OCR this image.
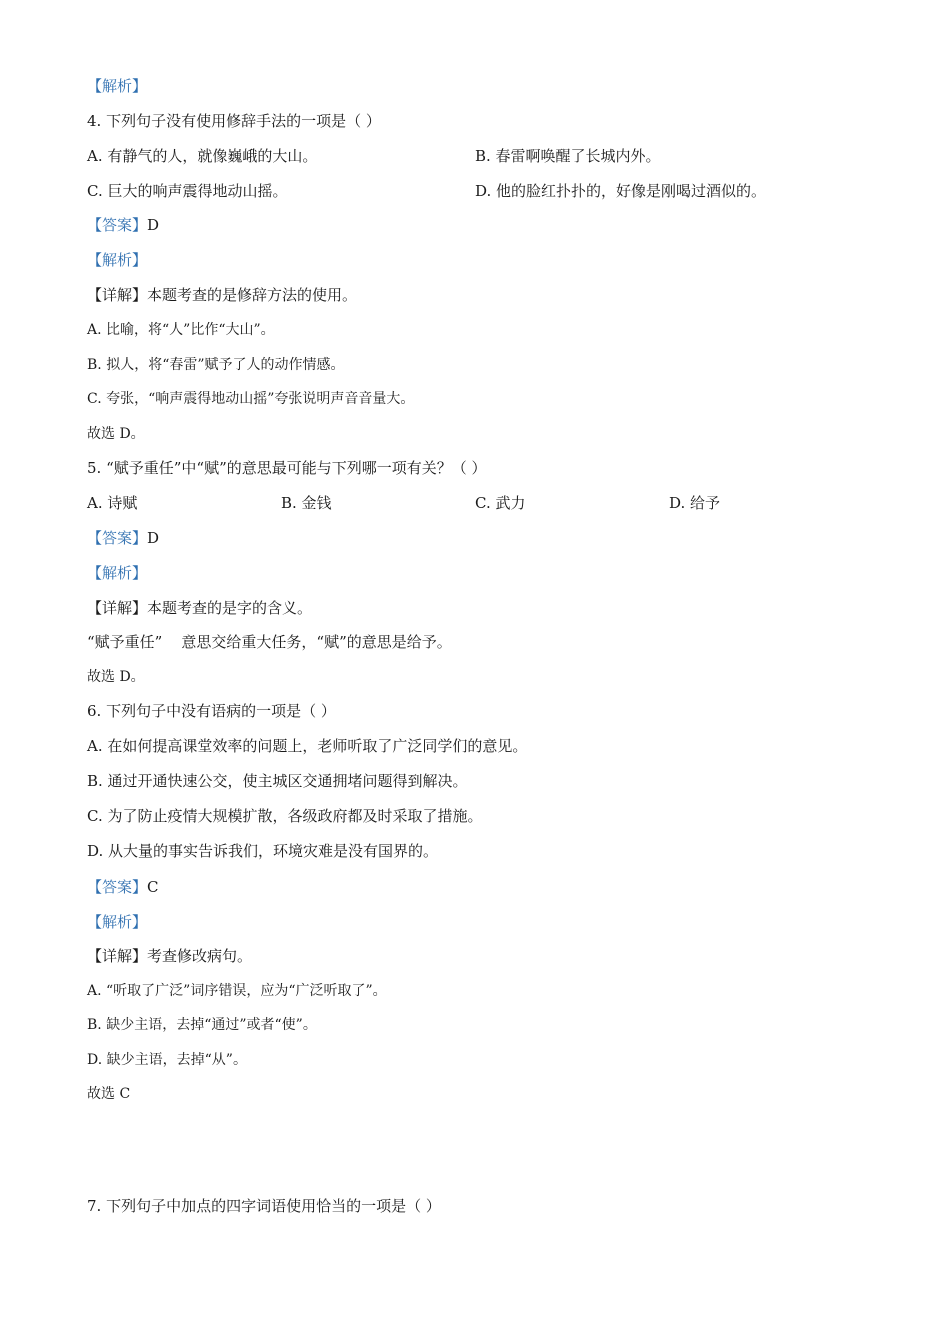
【解析】
4. 下列句子没有使用修辞手法的一项是（ ）
A. 有静气的人，就像巍峨的大山。	B. 春雷啊唤醒了长城内外。
C. 巨大的响声震得地动山摇。	D. 他的脸红扑扑的，好像是刚喝过酒似的。
【答案】D
【解析】
【详解】本题考查的是修辞方法的使用。
A. 比喻，将“人”比作“大山”。
B. 拟人，将“春雷”赋予了人的动作情感。
C. 夸张，“响声震得地动山摇”夸张说明声音音量大。
故选 D。
5. “赋予重任”中“赋”的意思最可能与下列哪一项有关？（ ）
A. 诗赋	B. 金钱	C. 武力	D. 给予
【答案】D
【解析】
【详解】本题考查的是字的含义。
“赋予重任”    意思交给重大任务，“赋”的意思是给予。
故选 D。
6. 下列句子中没有语病的一项是（ ）
A. 在如何提高课堂效率的问题上，老师听取了广泛同学们的意见。
B. 通过开通快速公交，使主城区交通拥堵问题得到解决。
C. 为了防止疫情大规模扩散，各级政府都及时采取了措施。
D. 从大量的事实告诉我们，环境灾难是没有国界的。
【答案】C
【解析】
【详解】考查修改病句。
A. “听取了广泛”词序错误，应为“广泛听取了”。
B. 缺少主语，去掉“通过”或者“使”。
D. 缺少主语，去掉“从”。
故选 C
7. 下列句子中加点的四字词语使用恰当的一项是（ ）
